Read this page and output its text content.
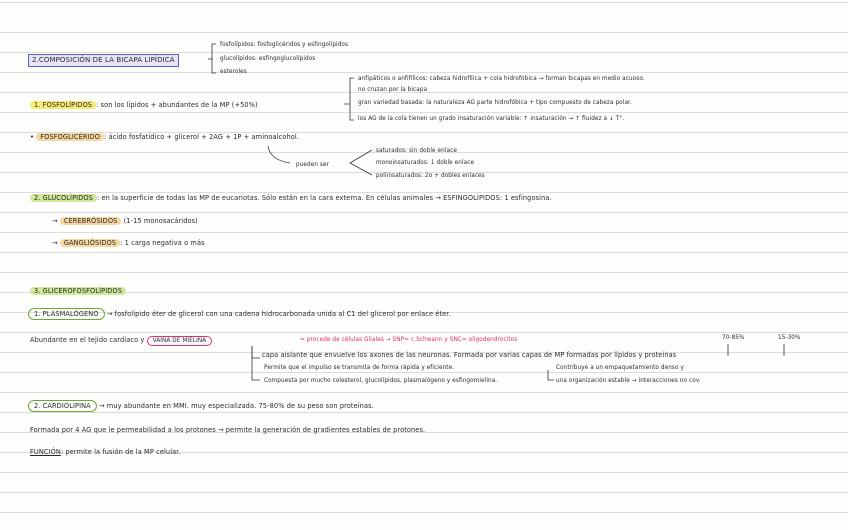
2.COMPOSICIÓN DE LA BICAPA LIPÍDICA
fosfolípidos: fosfoglicéridos y esfingolípidos
glucolípidos: esfingoglucolípidos
esteroles
1. FOSFOLÍPIDOS : son los lípidos + abundantes de la MP (+50%)
anfipáticos o anfifílicos: cabeza hidrofílica + cola hidrofóbica → forman bicapas en medio acuoso.
no cruzan por la bicapa
gran variedad basada: la naturaleza AG parte hidrofóbica + tipo compuesto de cabeza polar.
los AG de la cola tienen un grado insaturación variable: ↑ insaturación → ↑ fluidez a ↓ T°.
• FOSFOGLICÉRIDO : ácido fosfatídico + glicerol + 2AG + 1P + aminoalcohol.
pueden ser
saturados: sin doble enlace
monoinsaturados: 1 doble enlace
poliinsaturados: 2o + dobles enlaces
2. GLUCOLÍPIDOS : en la superficie de todas las MP de eucariotas. Sólo están en la cara externa. En células animales → ESFINGOLÍPIDOS: 1 esfingosina.
→ CEREBRÓSIDOS (1-15 monosacáridos)
→ GANGLIÓSIDOS : 1 carga negativa o más
3. GLICEROFOSFOLÍPIDOS
1. PLASMALÓGENO → fosfolípido éter de glicerol con una cadena hidrocarbonada unida al C1 del glicerol por enlace éter.
Abundante en el tejido cardíaco y VAINA DE MIELINA	= procede de células Gliales → SNP= c.Schwann y SNC= oligodendrocitos	70-85%	15-30%
capa aislante que envuelve los axones de las neuronas. Formada por varias capas de MP formadas por lípidos y proteínas
Permite que el impulso se transmita de forma rápida y eficiente.	Contribuye a un empaquetamiento denso y
Compuesta por mucho colesterol, glucolípidos, plasmalógeno y esfingomielina.	una organización estable → interacciones no cov.
2. CARDIOLIPINA → muy abundante en MMI. muy especializada. 75-80% de su peso son proteínas.
Formada por 4 AG que le permeabilidad a los protones → permite la generación de gradientes estables de protones.
FUNCIÓN: permite la fusión de la MP celular.
